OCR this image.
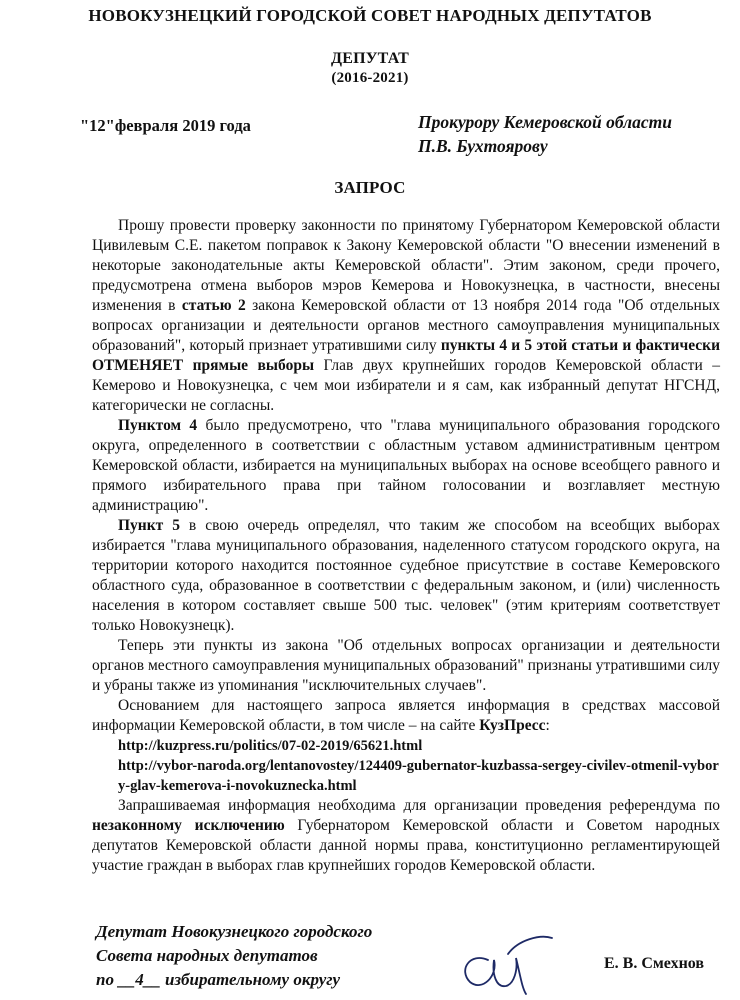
НОВОКУЗНЕЦКИЙ ГОРОДСКОЙ СОВЕТ НАРОДНЫХ ДЕПУТАТОВ
ДЕПУТАТ
(2016-2021)
"12"февраля 2019 года	Прокурору Кемеровской области
П.В. Бухтоярову
ЗАПРОС

Прошу провести проверку законности по принятому Губернатором Кемеровской области Цивилевым С.Е. пакетом поправок к Закону Кемеровской области "О внесении изменений в некоторые законодательные акты Кемеровской области". Этим законом, среди прочего, предусмотрена отмена выборов мэров Кемерова и Новокузнецка, в частности, внесены изменения в статью 2 закона Кемеровской области от 13 ноября 2014 года "Об отдельных вопросах организации и деятельности органов местного самоуправления муниципальных образований", который признает утратившими силу пункты 4 и 5 этой статьи и фактически ОТМЕНЯЕТ прямые выборы Глав двух крупнейших городов Кемеровской области – Кемерово и Новокузнецка, с чем мои избиратели и я сам, как избранный депутат НГСНД, категорически не согласны.

Пунктом 4 было предусмотрено, что "глава муниципального образования городского округа, определенного в соответствии с областным уставом административным центром Кемеровской области, избирается на муниципальных выборах на основе всеобщего равного и прямого избирательного права при тайном голосовании и возглавляет местную администрацию".

Пункт 5 в свою очередь определял, что таким же способом на всеобщих выборах избирается "глава муниципального образования, наделенного статусом городского округа, на территории которого находится постоянное судебное присутствие в составе Кемеровского областного суда, образованное в соответствии с федеральным законом, и (или) численность населения в котором составляет свыше 500 тыс. человек" (этим критериям соответствует только Новокузнецк).

Теперь эти пункты из закона "Об отдельных вопросах организации и деятельности органов местного самоуправления муниципальных образований" признаны утратившими силу и убраны также из упоминания "исключительных случаев".

Основанием для настоящего запроса является информация в средствах массовой информации Кемеровской области, в том числе – на сайте КузПресс:

http://kuzpress.ru/politics/07-02-2019/65621.html
http://vybor-naroda.org/lentanovostey/124409-gubernator-kuzbassa-sergey-civilev-otmenil-vybory-glav-kemerova-i-novokuznecka.html

Запрашиваемая информация необходима для организации проведения референдума по незаконному исключению Губернатором Кемеровской области и Советом народных депутатов Кемеровской области данной нормы права, конституционно регламентирующей участие граждан в выборах глав крупнейших городов Кемеровской области.

Депутат Новокузнецкого городского
Совета народных депутатов
по __4__ избирательному округу
Е. В. Смехнов
